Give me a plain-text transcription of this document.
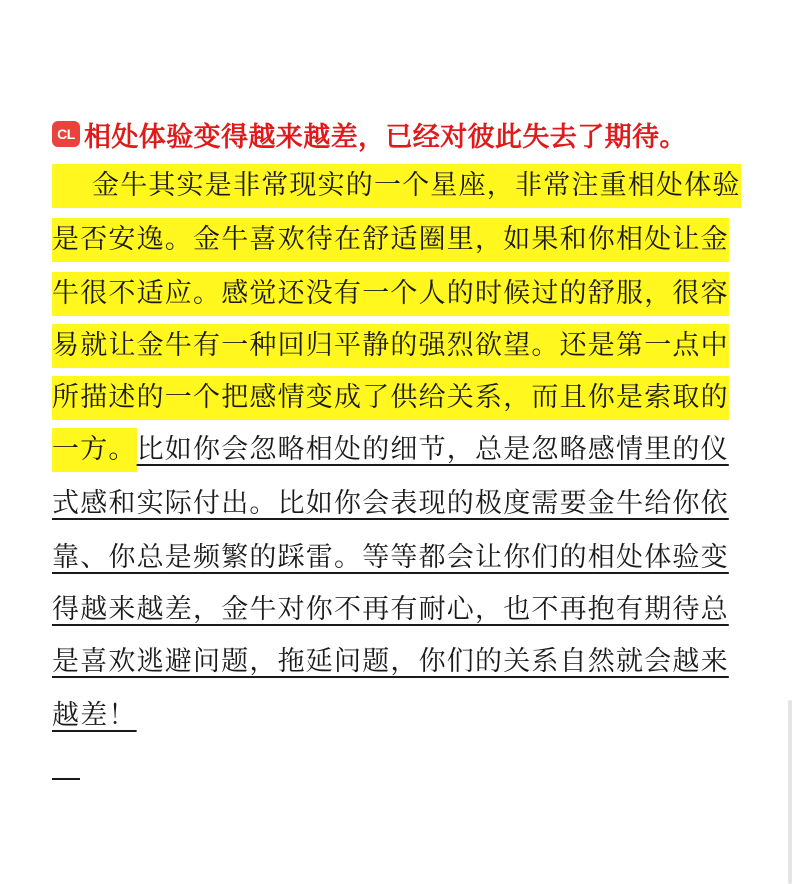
CL 相处体验变得越来越差，已经对彼此失去了期待。
金牛其实是非常现实的一个星座，非常注重相处体验
是否安逸。金牛喜欢待在舒适圈里，如果和你相处让金
牛很不适应。感觉还没有一个人的时候过的舒服，很容
易就让金牛有一种回归平静的强烈欲望。还是第一点中
所描述的一个把感情变成了供给关系，而且你是索取的
一方。比如你会忽略相处的细节，总是忽略感情里的仪
式感和实际付出。比如你会表现的极度需要金牛给你依
靠、你总是频繁的踩雷。等等都会让你们的相处体验变
得越来越差，金牛对你不再有耐心，也不再抱有期待总
是喜欢逃避问题，拖延问题，你们的关系自然就会越来
越差！
